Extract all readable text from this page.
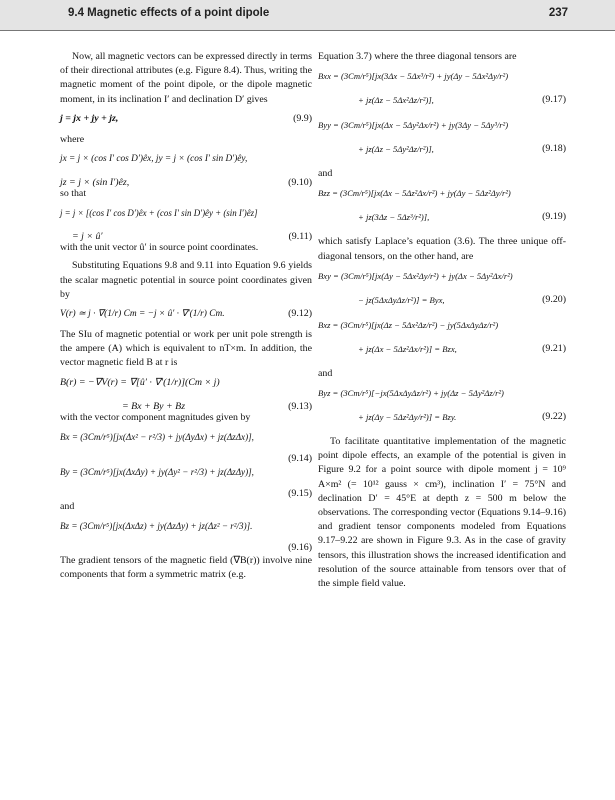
9.4 Magnetic effects of a point dipole	237

Now, all magnetic vectors can be expressed directly in terms of their directional attributes (e.g. Figure 8.4). Thus, writing the magnetic moment of the point dipole, or the dipole magnetic moment, in its inclination I′ and declination D′ gives

j = jx + jy + jz,	(9.9)

where

jx = j × (cos I′ cos D′)êx, jy = j × (cos I′ sin D′)êy,
jz = j × (sin I′)êz,	(9.10)

so that

j = j × [(cos I′ cos D′)êx + (cos I′ sin D′)êy + (sin I′)êz]
= j × û′	(9.11)

with the unit vector û′ in source point coordinates.

Substituting Equations 9.8 and 9.11 into Equation 9.6 yields the scalar magnetic potential in source point coordinates given by

V(r) ≃ j · ∇(1/r) Cm = −j × û′ · ∇′(1/r) Cm.	(9.12)

The SIu of magnetic potential or work per unit pole strength is the ampere (A) which is equivalent to nT×m. In addition, the vector magnetic field B at r is

B(r) = −∇V(r) = ∇[û′ · ∇′(1/r)](Cm × j)
= Bx + By + Bz	(9.13)

with the vector component magnitudes given by

Bx = (3Cm/r⁵)[jx(Δx² − r²/3) + jy(ΔyΔx) + jz(ΔzΔx)],
(9.14)
By = (3Cm/r⁵)[jx(ΔxΔy) + jy(Δy² − r²/3) + jz(ΔzΔy)],
(9.15)

and

Bz = (3Cm/r⁵)[jx(ΔxΔz) + jy(ΔzΔy) + jz(Δz² − r²/3)].
(9.16)

The gradient tensors of the magnetic field (∇B(r)) involve nine components that form a symmetric matrix (e.g.

Equation 3.7) where the three diagonal tensors are

Bxx = (3Cm/r⁵)[jx(3Δx − 5Δx³/r²) + jy(Δy − 5Δx²Δy/r²)
+ jz(Δz − 5Δx²Δz/r²)],	(9.17)
Byy = (3Cm/r⁵)[jx(Δx − 5Δy²Δx/r²) + jy(3Δy − 5Δy³/r²)
+ jz(Δz − 5Δy²Δz/r²)],	(9.18)

and

Bzz = (3Cm/r⁵)[jx(Δx − 5Δz²Δx/r²) + jy(Δy − 5Δz²Δy/r²)
+ jz(3Δz − 5Δz³/r²)],	(9.19)

which satisfy Laplace’s equation (3.6). The three unique off-diagonal tensors, on the other hand, are

Bxy = (3Cm/r⁵)[jx(Δy − 5Δx²Δy/r²) + jy(Δx − 5Δy²Δx/r²)
− jz(5ΔxΔyΔz/r²)] = Byx,	(9.20)
Bxz = (3Cm/r⁵)[jx(Δz − 5Δx²Δz/r²) − jy(5ΔxΔyΔz/r²)
+ jz(Δx − 5Δz²Δx/r²)] = Bzx,	(9.21)

and

Byz = (3Cm/r⁵)[−jx(5ΔxΔyΔz/r²) + jy(Δz − 5Δy²Δz/r²)
+ jz(Δy − 5Δz²Δy/r²)] = Bzy.	(9.22)

To facilitate quantitative implementation of the magnetic point dipole effects, an example of the potential is given in Figure 9.2 for a point source with dipole moment j = 10⁹ A×m² (= 10¹² gauss × cm³), inclination I′ = 75°N and declination D′ = 45°E at depth z = 500 m below the observations. The corresponding vector (Equations 9.14–9.16) and gradient tensor components modeled from Equations 9.17–9.22 are shown in Figure 9.3. As in the case of gravity tensors, this illustration shows the increased identification and resolution of the source attainable from tensors over that of the simple field value.
